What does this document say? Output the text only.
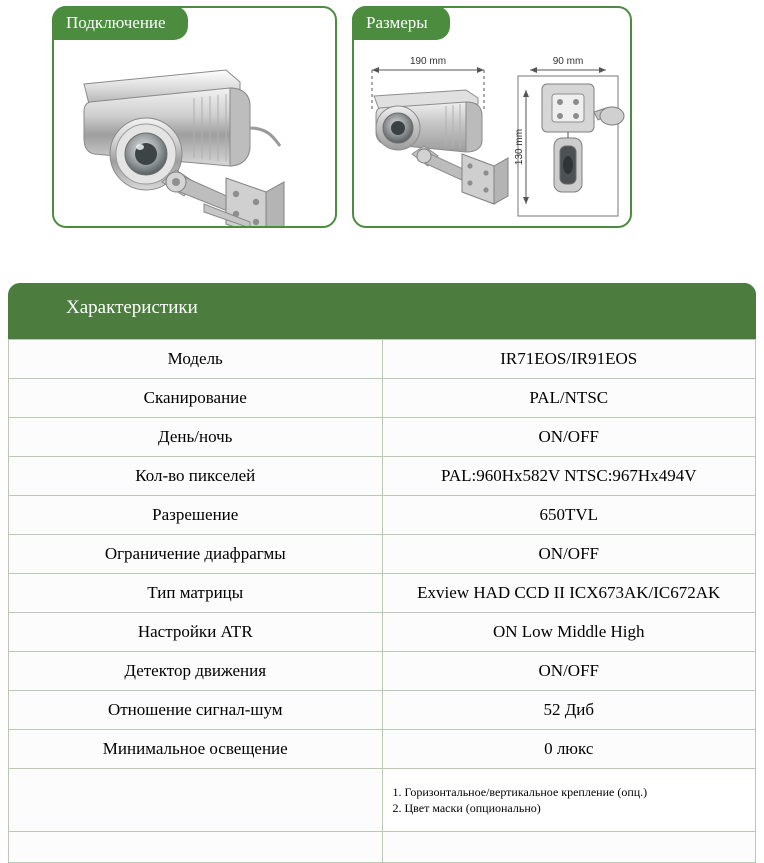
Подключение	Размеры
190 mm	90 mm
130 mm
Характеристики

Модель	IR71EOS/IR91EOS
Сканирование	PAL/NTSC
День/ночь	ON/OFF
Кол-во пикселей	PAL:960Hx582V NTSC:967Hx494V
Разрешение	650TVL
Ограничение диафрагмы	ON/OFF
Тип матрицы	Exview HAD CCD II ICX673AK/IC672AK
Настройки ATR	ON Low Middle High
Детектор движения	ON/OFF
Отношение сигнал-шум	52 Диб
Минимальное освещение	0 люкс

	1. Горизонтальное/вертикальное крепление (опц.)
2. Цвет маски (опционально)
